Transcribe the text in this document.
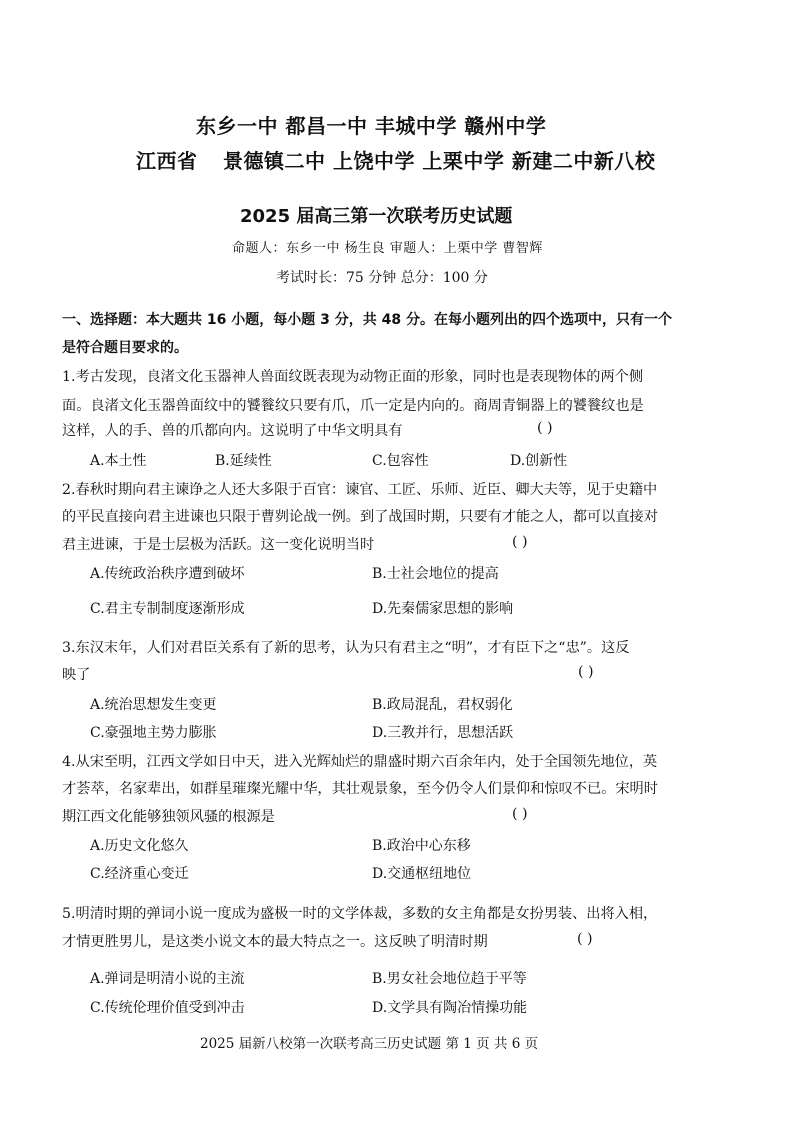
东乡一中 都昌一中 丰城中学 赣州中学
江西省 景德镇二中 上饶中学 上栗中学 新建二中新八校
2025 届高三第一次联考历史试题
命题人：东乡一中 杨生良 审题人：上栗中学 曹智辉
考试时长：75 分钟 总分：100 分
一、选择题：本大题共 16 小题，每小题 3 分，共 48 分。在每小题列出的四个选项中，只有一个
是符合题目要求的。
1.考古发现，良渚文化玉器神人兽面纹既表现为动物正面的形象，同时也是表现物体的两个侧
面。良渚文化玉器兽面纹中的饕餮纹只要有爪，爪一定是内向的。商周青铜器上的饕餮纹也是
这样，人的手、兽的爪都向内。这说明了中华文明具有	( )
A.本土性	B.延续性	C.包容性	D.创新性
2.春秋时期向君主谏诤之人还大多限于百官：谏官、工匠、乐师、近臣、卿大夫等，见于史籍中
的平民直接向君主进谏也只限于曹刿论战一例。到了战国时期，只要有才能之人，都可以直接对
君主进谏，于是士层极为活跃。这一变化说明当时	( )
A.传统政治秩序遭到破坏	B.士社会地位的提高
C.君主专制制度逐渐形成	D.先秦儒家思想的影响
3.东汉末年，人们对君臣关系有了新的思考，认为只有君主之“明”，才有臣下之“忠”。这反
映了	( )
A.统治思想发生变更	B.政局混乱，君权弱化
C.豪强地主势力膨胀	D.三教并行，思想活跃
4.从宋至明，江西文学如日中天，进入光辉灿烂的鼎盛时期六百余年内，处于全国领先地位，英
才荟萃，名家辈出，如群星璀璨光耀中华，其壮观景象，至今仍令人们景仰和惊叹不已。宋明时
期江西文化能够独领风骚的根源是	( )
A.历史文化悠久	B.政治中心东移
C.经济重心变迁	D.交通枢纽地位
5.明清时期的弹词小说一度成为盛极一时的文学体裁，多数的女主角都是女扮男装、出将入相，
才情更胜男儿，是这类小说文本的最大特点之一。这反映了明清时期	( )
A.弹词是明清小说的主流	B.男女社会地位趋于平等
C.传统伦理价值受到冲击	D.文学具有陶冶情操功能
2025 届新八校第一次联考高三历史试题 第 1 页 共 6 页
